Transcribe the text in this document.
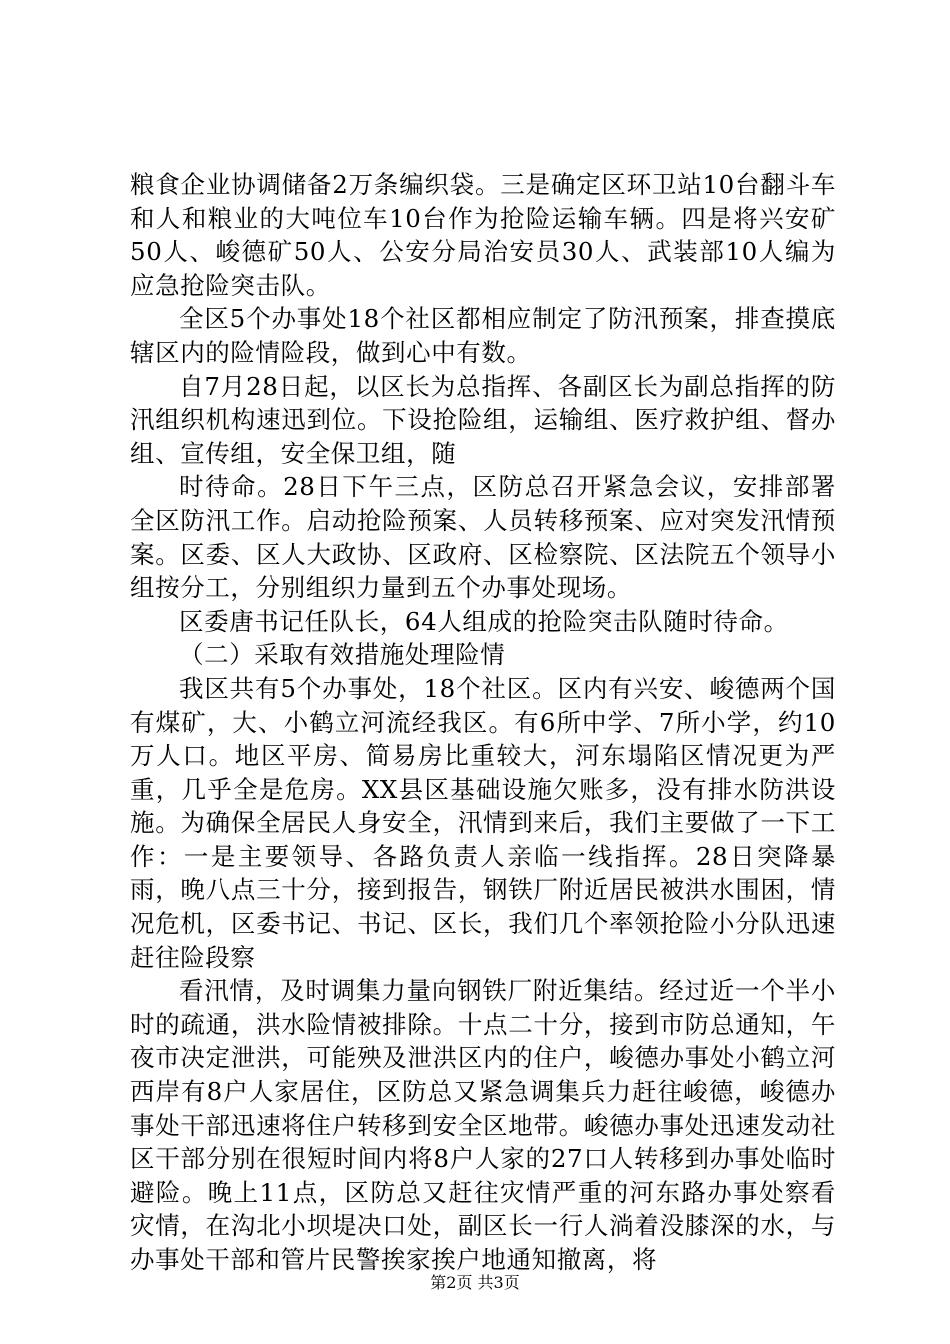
粮食企业协调储备2万条编织袋。三是确定区环卫站10台翻斗车和人和粮业的大吨位车10台作为抢险运输车辆。四是将兴安矿50人、峻德矿50人、公安分局治安员30人、武装部10人编为应急抢险突击队。

全区5个办事处18个社区都相应制定了防汛预案，排查摸底辖区内的险情险段，做到心中有数。

自7月28日起，以区长为总指挥、各副区长为副总指挥的防汛组织机构速迅到位。下设抢险组，运输组、医疗救护组、督办组、宣传组，安全保卫组，随

时待命。28日下午三点，区防总召开紧急会议，安排部署全区防汛工作。启动抢险预案、人员转移预案、应对突发汛情预案。区委、区人大政协、区政府、区检察院、区法院五个领导小组按分工，分别组织力量到五个办事处现场。

区委唐书记任队长，64人组成的抢险突击队随时待命。

（二）采取有效措施处理险情

我区共有5个办事处，18个社区。区内有兴安、峻德两个国有煤矿，大、小鹤立河流经我区。有6所中学、7所小学，约10万人口。地区平房、简易房比重较大，河东塌陷区情况更为严重，几乎全是危房。XX县区基础设施欠账多，没有排水防洪设施。为确保全居民人身安全，汛情到来后，我们主要做了一下工作：一是主要领导、各路负责人亲临一线指挥。28日突降暴雨，晚八点三十分，接到报告，钢铁厂附近居民被洪水围困，情况危机，区委书记、书记、区长，我们几个率领抢险小分队迅速赶往险段察

看汛情，及时调集力量向钢铁厂附近集结。经过近一个半小时的疏通，洪水险情被排除。十点二十分，接到市防总通知，午夜市决定泄洪，可能殃及泄洪区内的住户，峻德办事处小鹤立河西岸有8户人家居住，区防总又紧急调集兵力赶往峻德，峻德办事处干部迅速将住户转移到安全区地带。峻德办事处迅速发动社区干部分别在很短时间内将8户人家的27口人转移到办事处临时避险。晚上11点，区防总又赶往灾情严重的河东路办事处察看灾情，在沟北小坝堤决口处，副区长一行人淌着没膝深的水，与办事处干部和管片民警挨家挨户地通知撤离，将

第2页 共3页
